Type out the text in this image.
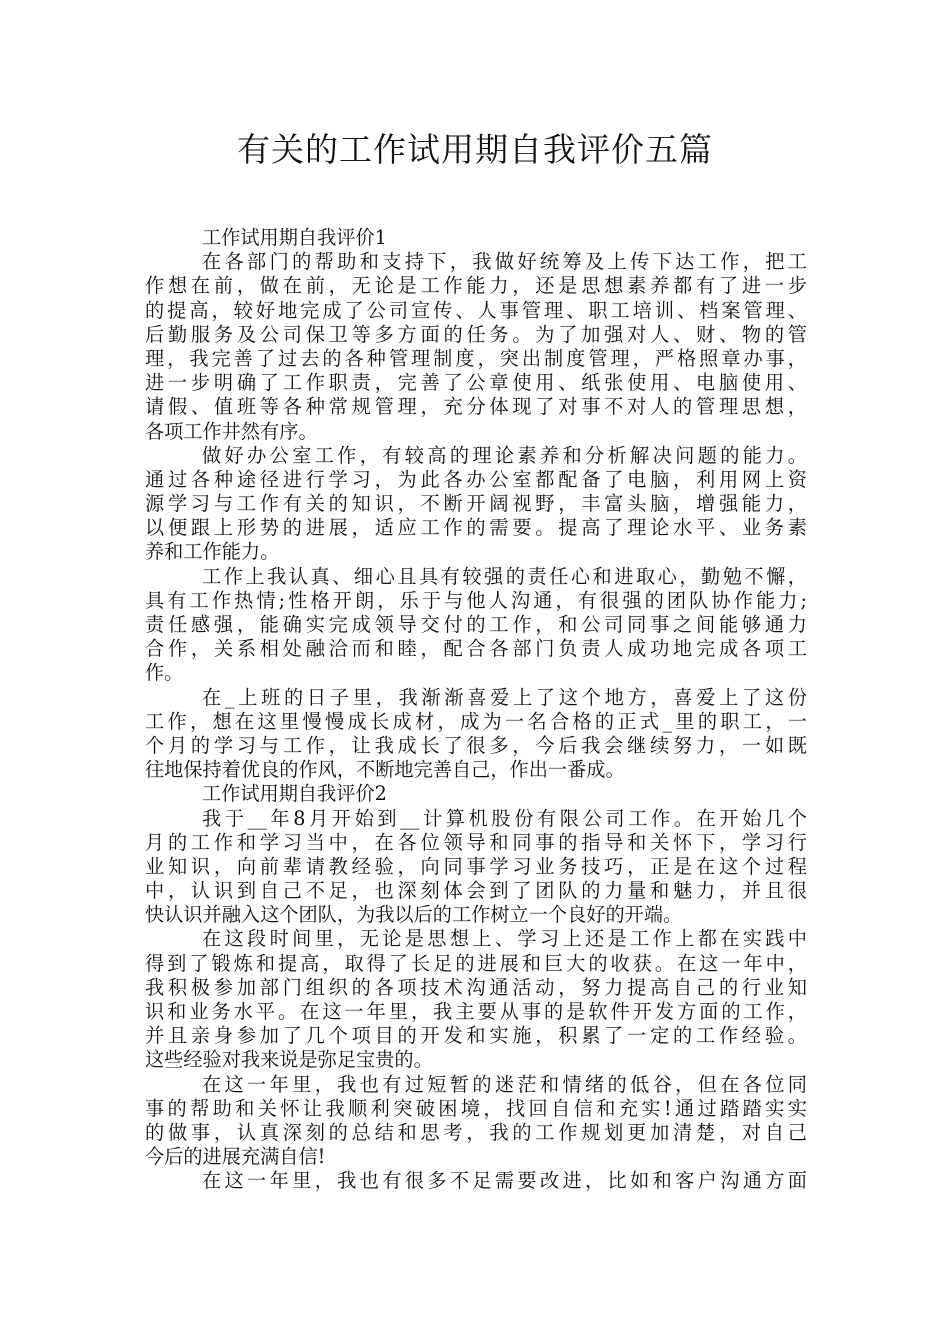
有关的工作试用期自我评价五篇
工作试用期自我评价1
在各部门的帮助和支持下，我做好统筹及上传下达工作，把工
作想在前，做在前，无论是工作能力，还是思想素养都有了进一步
的提高，较好地完成了公司宣传、人事管理、职工培训、档案管理、
后勤服务及公司保卫等多方面的任务。为了加强对人、财、物的管
理，我完善了过去的各种管理制度，突出制度管理，严格照章办事，
进一步明确了工作职责，完善了公章使用、纸张使用、电脑使用、
请假、值班等各种常规管理，充分体现了对事不对人的管理思想，
各项工作井然有序。
做好办公室工作，有较高的理论素养和分析解决问题的能力。
通过各种途径进行学习，为此各办公室都配备了电脑，利用网上资
源学习与工作有关的知识，不断开阔视野，丰富头脑，增强能力，
以便跟上形势的进展，适应工作的需要。提高了理论水平、业务素
养和工作能力。
工作上我认真、细心且具有较强的责任心和进取心，勤勉不懈，
具有工作热情;性格开朗，乐于与他人沟通，有很强的团队协作能力;
责任感强，能确实完成领导交付的工作，和公司同事之间能够通力
合作，关系相处融洽而和睦，配合各部门负责人成功地完成各项工
作。
在_上班的日子里，我渐渐喜爱上了这个地方，喜爱上了这份
工作，想在这里慢慢成长成材，成为一名合格的正式_里的职工，一
个月的学习与工作，让我成长了很多，今后我会继续努力，一如既
往地保持着优良的作风，不断地完善自己，作出一番成。
工作试用期自我评价2
我于__年8月开始到__计算机股份有限公司工作。在开始几个
月的工作和学习当中，在各位领导和同事的指导和关怀下，学习行
业知识，向前辈请教经验，向同事学习业务技巧，正是在这个过程
中，认识到自己不足，也深刻体会到了团队的力量和魅力，并且很
快认识并融入这个团队，为我以后的工作树立一个良好的开端。
在这段时间里，无论是思想上、学习上还是工作上都在实践中
得到了锻炼和提高，取得了长足的进展和巨大的收获。在这一年中，
我积极参加部门组织的各项技术沟通活动，努力提高自己的行业知
识和业务水平。在这一年里，我主要从事的是软件开发方面的工作，
并且亲身参加了几个项目的开发和实施，积累了一定的工作经验。
这些经验对我来说是弥足宝贵的。
在这一年里，我也有过短暂的迷茫和情绪的低谷，但在各位同
事的帮助和关怀让我顺利突破困境，找回自信和充实!通过踏踏实实
的做事，认真深刻的总结和思考，我的工作规划更加清楚，对自己
今后的进展充满自信!
在这一年里，我也有很多不足需要改进，比如和客户沟通方面
